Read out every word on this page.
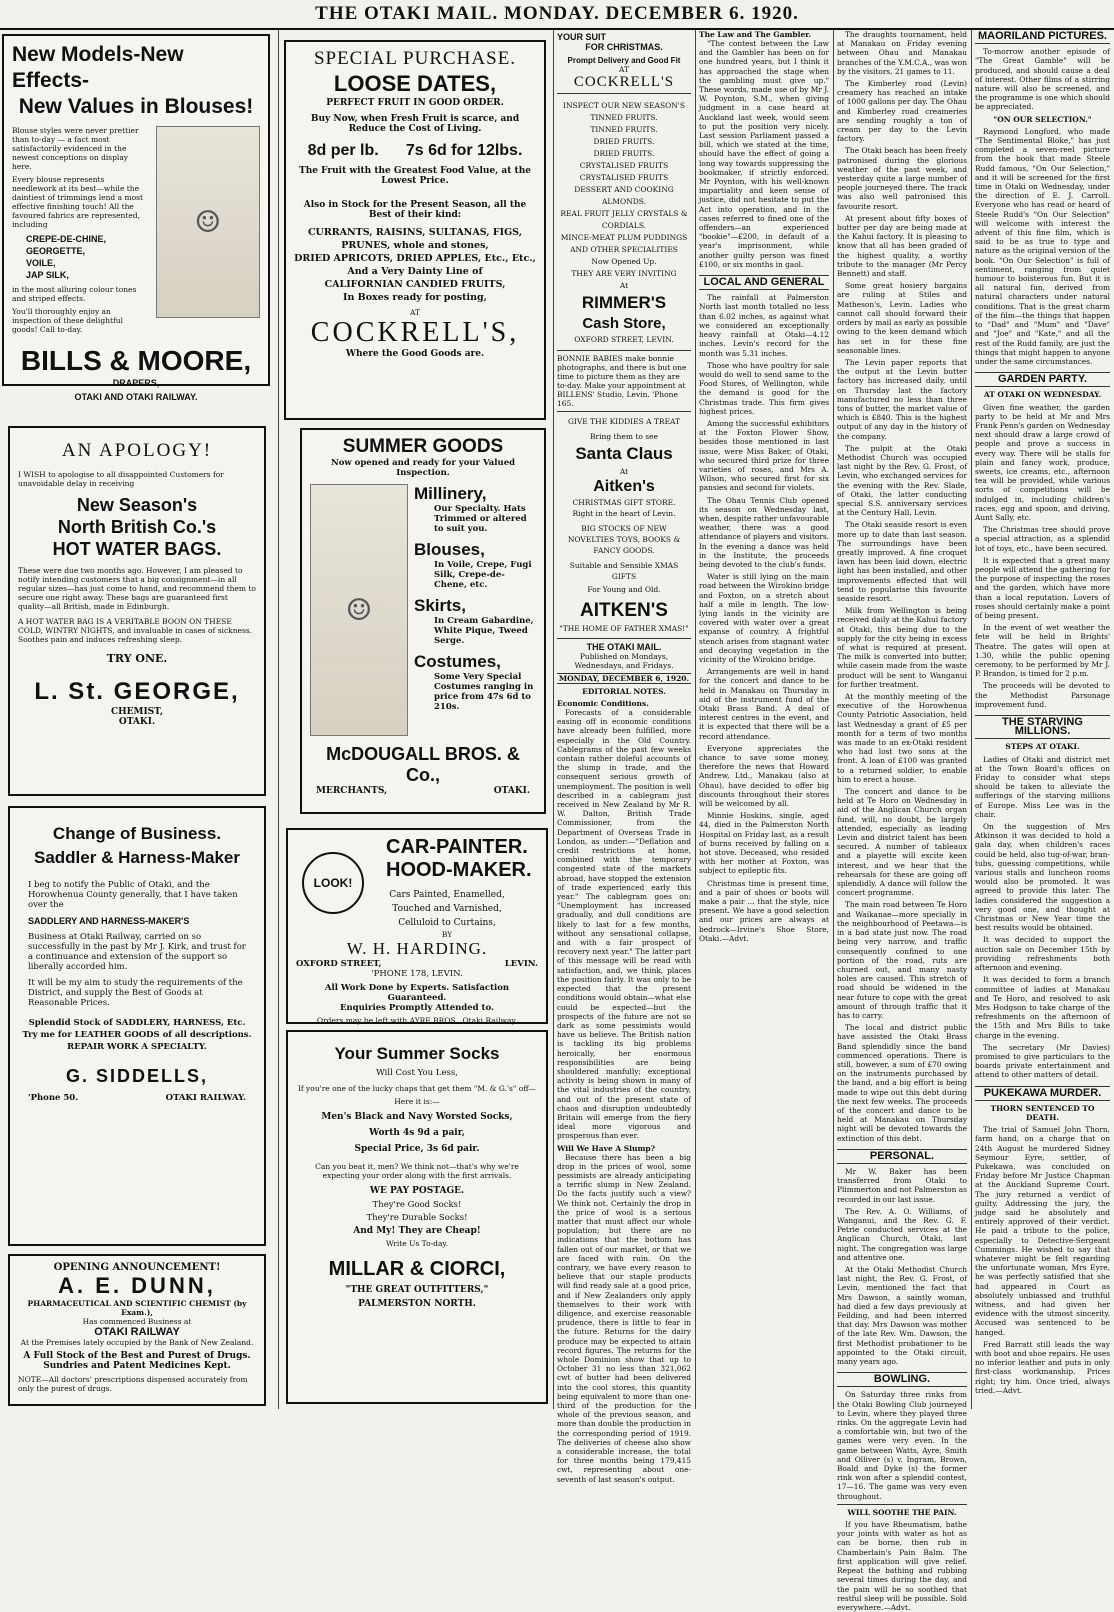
THE OTAKI MAIL. MONDAY. DECEMBER 6. 1920.
New Models-New Effects-
New Values in Blouses!
Blouse styles were never prettier than to-day — a fact most satisfactorily evidenced in the newest conceptions on display here.
Every blouse represents needlework at its best—while the daintiest of trimmings lend a most effective finishing touch! All the favoured fabrics are represented, including
CREPE-DE-CHINE,
GEORGETTE,
VOILE,
JAP SILK,
in the most alluring colour tones and striped effects.
You'll thoroughly enjoy an inspection of these delightful goods! Call to-day.
☺
BILLS & MOORE,
DRAPERS,
OTAKI AND OTAKI RAILWAY.
AN APOLOGY!
I WISH to apologise to all disappointed Customers for unavoidable delay in receiving
New Season's
North British Co.'s
HOT WATER BAGS.
These were due two months ago. However, I am pleased to notify intending customers that a big consignment—in all regular sizes—has just come to hand, and recommend them to secure one right away. These bags are guaranteed first quality—all British, made in Edinburgh.
A HOT WATER BAG IS A VERITABLE BOON ON THESE COLD, WINTRY NIGHTS, and invaluable in cases of sickness. Soothes pain and induces refreshing sleep.
TRY ONE.
L. St. GEORGE,
CHEMIST,
OTAKI.
Change of Business.
Saddler & Harness-Maker
I beg to notify the Public of Otaki, and the Horowhenua County generally, that I have taken over the
SADDLERY AND HARNESS-MAKER'S
Business at Otaki Railway, carried on so successfully in the past by Mr J. Kirk, and trust for a continuance and extension of the support so liberally accorded him.
It will be my aim to study the requirements of the District, and supply the Best of Goods at Reasonable Prices.
Splendid Stock of SADDLERY, HARNESS, Etc.
Try me for LEATHER GOODS of all descriptions.
REPAIR WORK A SPECIALTY.
G. SIDDELLS,
'Phone 50.	OTAKI RAILWAY.
OPENING ANNOUNCEMENT!
A. E. DUNN,
PHARMACEUTICAL AND SCIENTIFIC CHEMIST (by Exam.),
Has commenced Business at
OTAKI RAILWAY
At the Premises lately occupied by the Bank of New Zealand.
A Full Stock of the Best and Purest of Drugs.
Sundries and Patent Medicines Kept.
NOTE—All doctors' prescriptions dispensed accurately from only the purest of drugs.
SPECIAL PURCHASE.
LOOSE DATES,
PERFECT FRUIT IN GOOD ORDER.
Buy Now, when Fresh Fruit is scarce, and Reduce the Cost of Living.
8d per lb. 7s 6d for 12lbs.
The Fruit with the Greatest Food Value, at the Lowest Price.
Also in Stock for the Present Season, all the Best of their kind:
CURRANTS, RAISINS, SULTANAS, FIGS,
PRUNES, whole and stones,
DRIED APRICOTS, DRIED APPLES, Etc., Etc.,
And a Very Dainty Line of
CALIFORNIAN CANDIED FRUITS,
In Boxes ready for posting,
AT
COCKRELL'S,
Where the Good Goods are.
SUMMER GOODS
Now opened and ready for your Valued Inspection.
☺
Millinery,
Our Specialty. Hats Trimmed or altered to suit you.
Blouses,
In Voile, Crepe, Fugi Silk, Crepe-de-Chene, etc.
Skirts,
In Cream Gabardine, White Pique, Tweed Serge.
Costumes,
Some Very Special Costumes ranging in price from 47s 6d to 210s.
McDOUGALL BROS. & Co.,
MERCHANTS,	OTAKI.
LOOK!
CAR-PAINTER.
HOOD-MAKER.
Cars Painted, Enamelled,
Touched and Varnished,
Celluloid to Curtains,
BY
W. H. HARDING.
OXFORD STREET,	LEVIN.
'PHONE 178, LEVIN.
All Work Done by Experts. Satisfaction Guaranteed.
Enquiries Promptly Attended to.
Orders may be left with AYRE BROS., Otaki Railway.
Your Summer Socks
Will Cost You Less,
If you're one of the lucky chaps that get them "M. & G.'s" off—
Here it is:—
Men's Black and Navy Worsted Socks,
Worth 4s 9d a pair,
Special Price, 3s 6d pair.
Can you beat it, men? We think not—that's why we're expecting your order along with the first arrivals.
WE PAY POSTAGE.
They're Good Socks!
They're Durable Socks!
And My! They are Cheap!
Write Us To-day.
MILLAR & CIORCI,
"THE GREAT OUTFITTERS,"
PALMERSTON NORTH.
YOUR SUIT
FOR CHRISTMAS.
Prompt Delivery and Good Fit
AT
COCKRELL'S
INSPECT OUR NEW SEASON'S
TINNED FRUITS.
TINNED FRUITS.
DRIED FRUITS.
DRIED FRUITS.
CRYSTALISED FRUITS
CRYSTALISED FRUITS
DESSERT AND COOKING ALMONDS.
REAL FRUIT JELLY CRYSTALS & CORDIALS.
MINCE-MEAT PLUM PUDDINGS AND OTHER SPECIALITIES
Now Opened Up.
THEY ARE VERY INVITING
At
RIMMER'S
Cash Store,
OXFORD STREET, LEVIN.
BONNIE BABIES make bonnie photographs, and there is but one time to picture them as they are to-day. Make your appointment at BILLENS' Studio, Levin. 'Phone 165.
GIVE THE KIDDIES A TREAT
Bring them to see
Santa Claus
At
Aitken's
CHRISTMAS GIFT STORE.
Right in the heart of Levin.
BIG STOCKS OF NEW NOVELTIES TOYS, BOOKS & FANCY GOODS.
Suitable and Sensible XMAS GIFTS
For Young and Old.
AITKEN'S
"THE HOME OF FATHER XMAS!"
THE OTAKI MAIL.
Published on Mondays, Wednesdays, and Fridays.
MONDAY, DECEMBER 6, 1920.
EDITORIAL NOTES.
Economic Conditions.

Forecasts of a considerable easing off in economic conditions have already been fulfilled, more especially in the Old Country. Cablegrams of the past few weeks contain rather doleful accounts of the slump in trade, and the consequent serious growth of unemployment. The position is well described in a cablegram just received in New Zealand by Mr R. W. Dalton, British Trade Commissioner, from the Department of Overseas Trade in London, as under:—"Deflation and credit restrictions at home, combined with the temporary congested state of the markets abroad, have stopped the extension of trade experienced early this year." The cablegram goes on: "Unemployment has increased gradually, and dull conditions are likely to last for a few months, without any sensational collapse, and with a fair prospect of recovery next year." The latter part of this message will be read with satisfaction, and, we think, places the position fairly. It was only to be expected that the present conditions would obtain—what else could be expected—but the prospects of the future are not so dark as some pessimists would have us believe. The British nation is tackling its big problems heroically, her enormous responsibilities are being shouldered manfully; exceptional activity is being shown in many of the vital industries of the country, and out of the present state of chaos and disruption undoubtedly Britain will emerge from the fiery ideal more vigorous and prosperous than ever.

Will We Have A Slump?

Because there has been a big drop in the prices of wool, some pessimists are already anticipating a terrific slump in New Zealand. Do the facts justify such a view? We think not. Certainly the drop in the price of wool is a serious matter that must affect our whole population; but there are no indications that the bottom has fallen out of our market, or that we are faced with ruin. On the contrary, we have every reason to believe that our staple products will find ready sale at a good price, and if New Zealanders only apply themselves to their work with diligence, and exercise reasonable prudence, there is little to fear in the future. Returns for the dairy produce may be expected to attain record figures. The returns for the whole Dominion show that up to October 31 no less than 321,062 cwt of butter had been delivered into the cool stores, this quantity being equivalent to more than one-third of the production for the whole of the previous season, and more than double the production in the corresponding period of 1919. The deliveries of cheese also show a considerable increase, the total for three months being 179,415 cwt, representing about one-seventh of last season's output.

The Law and The Gambler.

"The contest between the Law and the Gambler has been on for one hundred years, but I think it has approached the stage when the gambling must give up." These words, made use of by Mr J. W. Poynton, S.M., when giving judgment in a case heard at Auckland last week, would seem to put the position very nicely. Last session Parliament passed a bill, which we stated at the time, should have the effect of going a long way towards suppressing the bookmaker, if strictly enforced. Mr Poynton, with his well-known impartiality and keen sense of justice, did not hesitate to put the Act into operation, and in the cases referred to fined one of the offenders—an experienced "bookie"—£200, in default of a year's imprisonment, while another guilty person was fined £100, or six months in gaol.

LOCAL AND GENERAL

The rainfall at Palmerston North last month totalled no less than 6.02 inches, as against what we considered an exceptionally heavy rainfall at Otaki—4.12 inches. Levin's record for the month was 5.31 inches.

Those who have poultry for sale would do well to send same to the Food Stores, of Wellington, while the demand is good for the Christmas trade. This firm gives highest prices.

Among the successful exhibitors at the Foxton Flower Show, besides those mentioned in last issue, were Miss Baker, of Otaki, who secured third prize for three varieties of roses, and Mrs A. Wilson, who secured first for six pansies and second for violets.

The Ohau Tennis Club opened its season on Wednesday last, when, despite rather unfavourable weather, there was a good attendance of players and visitors. In the evening a dance was held in the Institute, the proceeds being devoted to the club's funds.

Water is still lying on the main road between the Wirokino bridge and Foxton, on a stretch about half a mile in length. The low-lying lands in the vicinity are covered with water over a great expanse of country. A frightful stench arises from stagnant water and decaying vegetation in the vicinity of the Wirokino bridge.

Arrangements are well in hand for the concert and dance to be held in Manakau on Thursday in aid of the instrument fund of the Otaki Brass Band. A deal of interest centres in the event, and it is expected that there will be a record attendance.

Everyone appreciates the chance to save some money, therefore the news that Howard Andrew, Ltd., Manakau (also at Ohau), have decided to offer big discounts throughout their stores will be welcomed by all.

Minnie Hoskins, single, aged 44, died in the Palmerston North Hospital on Friday last, as a result of burns received by falling on a hot stove. Deceased, who resided with her mother at Foxton, was subject to epileptic fits.

Christmas time is present time, and a pair of shoes or boots will make a pair ... that the style, nice present. We have a good selection and our prices are always at bedrock—Irvine's Shoe Store, Otaki.—Advt.

The draughts tournament, held at Manakau on Friday evening between Ohau and Manakau branches of the Y.M.C.A., was won by the visitors, 21 games to 11.

The Kimberley road (Levin) creamery has reached an intake of 1000 gallons per day. The Ohau and Kimberley road creameries are sending roughly a ton of cream per day to the Levin factory.

The Otaki beach has been freely patronised during the glorious weather of the past week, and yesterday quite a large number of people journeyed there. The track was also well patronised this favourite resort.

At present about fifty boxes of butter per day are being made at the Kahui factory. It is pleasing to know that all has been graded of the highest quality, a worthy tribute to the manager (Mr Percy Bennett) and staff.

Some great hosiery bargains are ruling at Stiles and Matheson's, Levin. Ladies who cannot call should forward their orders by mail as early as possible owing to the keen demand which has set in for these fine seasonable lines.

The Levin paper reports that the output at the Levin butter factory has increased daily, until on Thursday last the factory manufactured no less than three tons of butter, the market value of which is £840. This is the highest output of any day in the history of the company.

The pulpit at the Otaki Methodist Church was occupied last night by the Rev. G. Frost, of Levin, who exchanged services for the evening with the Rev. Slade, of Otaki, the latter conducting special S.S. anniversary services at the Century Hall, Levin.

The Otaki seaside resort is even more up to date than last season. The surroundings have been greatly improved. A fine croquet lawn has been laid down, electric light has been installed, and other improvements effected that will tend to popularise this favourite seaside resort.

Milk from Wellington is being received daily at the Kahui factory at Otaki, this being due to the supply for the city being in excess of what is required at present. The milk is converted into butter, while casein made from the waste product will be sent to Wanganui for further treatment.

At the monthly meeting of the executive of the Horowhenua County Patriotic Association, held last Wednesday a grant of £5 per month for a term of two months was made to an ex-Otaki resident who had lost two sons at the front. A loan of £100 was granted to a returned soldier, to enable him to erect a house.

The concert and dance to be held at Te Horo on Wednesday in aid of the Anglican Church organ fund, will, no doubt, be largely attended, especially as leading Levin and district talent has been secured. A number of tableaux and a playette will excite keen interest, and we hear that the rehearsals for these are going off splendidly. A dance will follow the concert programme.

The main road between Te Horo and Waikanae—more specially in the neighbourhood of Peetawa—is in a bad state just now. The road being very narrow, and traffic consequently confined to one portion of the road, ruts are churned out, and many nasty holes are caused. This stretch of road should be widened in the near future to cope with the great amount of through traffic that it has to carry.

The local and district public have assisted the Otaki Brass Band splendidly since the band commenced operations. There is still, however, a sum of £70 owing on the instruments purchased by the band, and a big effort is being made to wipe out this debt during the next few weeks. The proceeds of the concert and dance to be held at Manakau on Thursday night will be devoted towards the extinction of this debt.

PERSONAL.

Mr W. Baker has been transferred from Otaki to Plimmerton and not Palmerston as recorded in our last issue.

The Rev. A. O. Williams, of Wanganui, and the Rev. G. F. Petrie conducted services at the Anglican Church, Otaki, last night. The congregation was large and attentive one.

At the Otaki Methodist Church last night, the Rev. G. Frost, of Levin, mentioned the fact that Mrs Dawson, a saintly woman, had died a few days previously at Feilding, and had been interred that day. Mrs Dawson was mother of the late Rev. Wm. Dawson, the first Methodist probationer to be appointed to the Otaki circuit, many years ago.

BOWLING.

On Saturday three rinks from the Otaki Bowling Club journeyed to Levin, where they played three rinks. On the aggregate Levin had a comfortable win, but two of the games were very even. In the game between Watts, Ayre, Smith and Olliver (s) v. Ingram, Brown, Boald and Dyke (s) the former rink won after a splendid contest, 17—16. The game was very even throughout.

WILL SOOTHE THE PAIN.

If you have Rheumatism, bathe your joints with water as hot as can be borne, then rub in Chamberlain's Pain Balm. The first application will give relief. Repeat the bathing and rubbing several times during the day, and the pain will be so soothed that restful sleep will be possible. Sold everywhere.—Advt.

MAORILAND PICTURES.

To-morrow another episode of "The Great Gamble" will be produced, and should cause a deal of interest. Other films of a stirring nature will also be screened, and the programme is one which should be appreciated.

"ON OUR SELECTION."

Raymond Longford, who made "The Sentimental Bloke," has just completed a seven-reel picture from the book that made Steele Rudd famous, "On Our Selection," and it will be screened for the first time in Otaki on Wednesday, under the direction of E. J. Carroll. Everyone who has read or heard of Steele Rudd's "On Our Selection" will welcome with interest the advent of this fine film, which is said to be as true to type and nature as the original version of the book. "On Our Selection" is full of sentiment, ranging from quiet humour to boisterous fun. But it is all natural fun, derived from natural characters under natural conditions. That is the great charm of the film—the things that happen to "Dad" and "Mum" and "Dave" and "Joe" and "Kate," and all the rest of the Rudd family, are just the things that might happen to anyone under the same circumstances.

GARDEN PARTY.
AT OTAKI ON WEDNESDAY.

Given fine weather, the garden party to be held at Mr and Mrs Frank Penn's garden on Wednesday next should draw a large crowd of people and prove a success in every way. There will be stalls for plain and fancy work, produce, sweets, ice creams, etc., afternoon tea will be provided, while various sorts of competitions will be indulged in, including children's races, egg and spoon, and driving, Aunt Sally, etc.

The Christmas tree should prove a special attraction, as a splendid lot of toys, etc., have been secured.

It is expected that a great many people will attend the gathering for the purpose of inspecting the roses and the garden, which have more than a local reputation. Lovers of roses should certainly make a point of being present.

In the event of wet weather the fete will be held in Brights' Theatre. The gates will open at 1.30, while the public opening ceremony, to be performed by Mr J. P. Brandon, is timed for 2 p.m.

The proceeds will be devoted to the Methodist Parsonage improvement fund.

THE STARVING MILLIONS.
STEPS AT OTAKI.

Ladies of Otaki and district met at the Town Board's offices on Friday to consider what steps should be taken to alleviate the sufferings of the starving millions of Europe. Miss Lee was in the chair.

On the suggestion of Mrs Atkinson it was decided to hold a gala day, when children's races could be held, also tug-of-war, bran-tubs, guessing competitions, while various stalls and luncheon rooms would also be promoted. It was agreed to provide this later. The ladies considered the suggestion a very good one, and thought at Christmas or New Year time the best results would be obtained.

It was decided to support the auction sale on December 15th by providing refreshments both afternoon and evening.

It was decided to form a branch committee of ladies at Manakau and Te Horo, and resolved to ask Mrs Hodgson to take charge of the refreshments on the afternoon of the 15th and Mrs Bills to take charge in the evening.

The secretary (Mr Davies) promised to give particulars to the boards private entertainment and attend to other matters of detail.

PUKEKAWA MURDER.
THORN SENTENCED TO DEATH.

The trial of Samuel John Thorn, farm hand, on a charge that on 24th August he murdered Sidney Seymour Eyre, settler, of Pukekawa, was concluded on Friday before Mr Justice Chapman at the Auckland Supreme Court. The jury returned a verdict of guilty. Addressing the jury, the judge said he absolutely and entirely approved of their verdict. He paid a tribute to the police, especially to Detective-Sergeant Cummings. He wished to say that whatever might be felt regarding the unfortunate woman, Mrs Eyre, he was perfectly satisfied that she had appeared in Court as absolutely unbiassed and truthful witness, and had given her evidence with the utmost sincerity. Accused was sentenced to be hanged.

Fred Barratt still leads the way with boot and shoe repairs. He uses no inferior leather and puts in only first-class workmanship. Prices right; try him. Once tried, always tried.—Advt.
